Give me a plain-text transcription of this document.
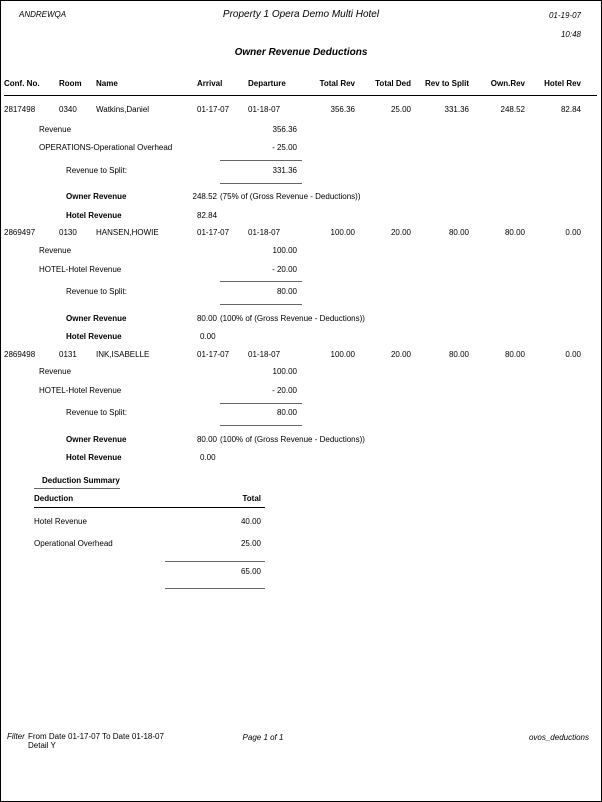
ANDREWQA	Property 1 Opera Demo Multi Hotel	01-19-07
10:48
Owner Revenue Deductions
Conf. No. Room Name	Arrival	Departure	Total Rev	Total Ded	Rev to Split	Own.Rev	Hotel Rev
2817498	0340 Watkins,Daniel	01-17-07 01-18-07	356.36	25.00	331.36	248.52	82.84
Revenue	356.36
OPERATIONS-Operational Overhead	- 25.00
Revenue to Split:	331.36
Owner Revenue	248.52 (75% of (Gross Revenue - Deductions))
Hotel Revenue	82.84
2869497	0130 HANSEN,HOWIE	01-17-07 01-18-07	100.00	20.00	80.00	80.00	0.00
Revenue	100.00
HOTEL-Hotel Revenue	- 20.00
Revenue to Split:	80.00
Owner Revenue	80.00 (100% of (Gross Revenue - Deductions))
Hotel Revenue	0.00
2869498	0131 INK,ISABELLE	01-17-07 01-18-07	100.00	20.00	80.00	80.00	0.00
Revenue	100.00
HOTEL-Hotel Revenue	- 20.00
Revenue to Split:	80.00
Owner Revenue	80.00 (100% of (Gross Revenue - Deductions))
Hotel Revenue	0.00
Deduction Summary
Deduction	Total
Hotel Revenue	40.00
Operational Overhead	25.00
65.00
Filter From Date 01-17-07 To Date 01-18-07
Detail Y
Page 1 of 1	ovos_deductions
